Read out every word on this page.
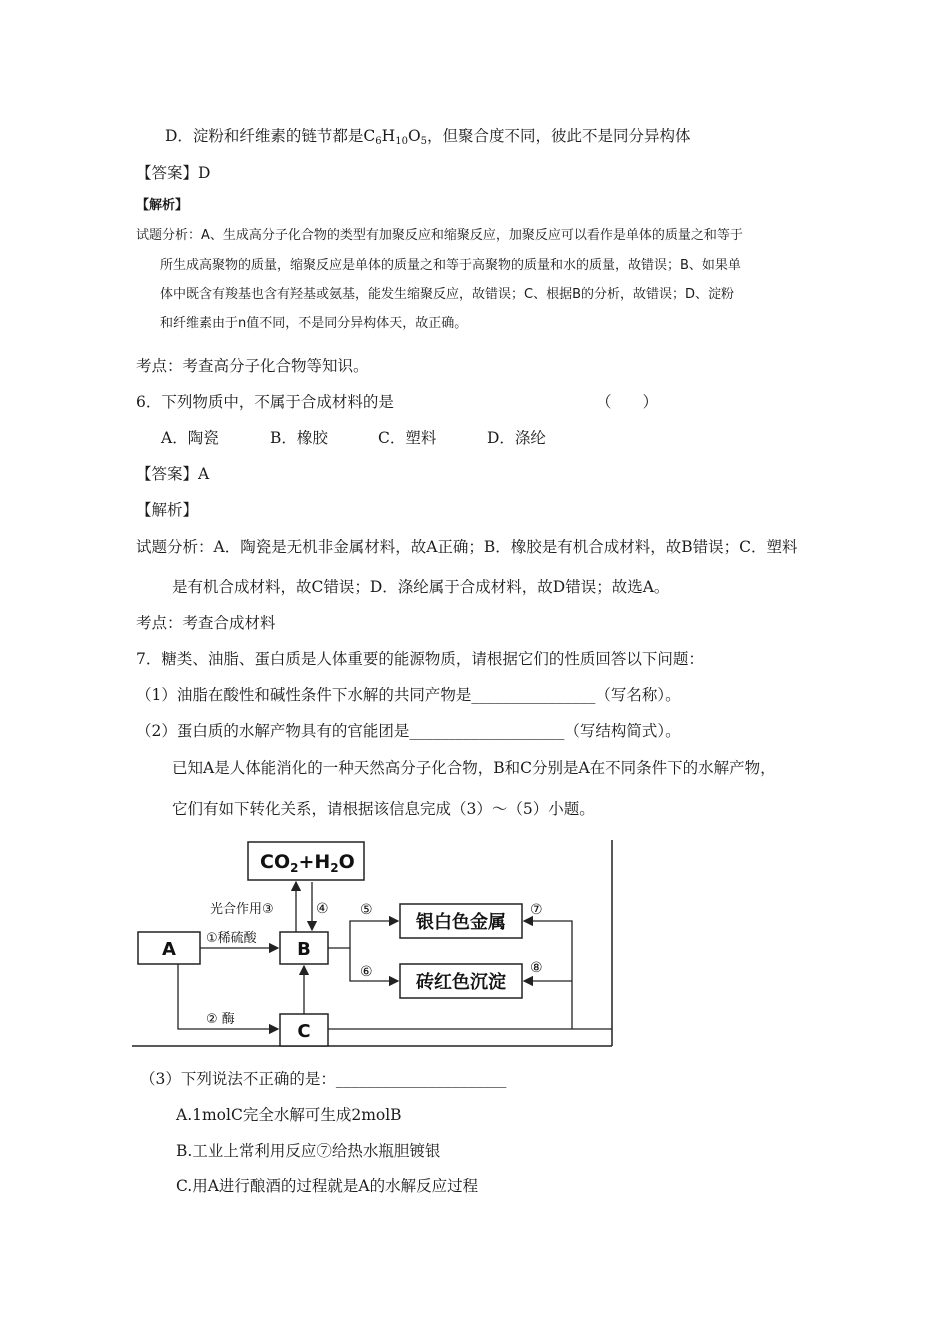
D．淀粉和纤维素的链节都是$C_6H_{10}O_5$，但聚合度不同，彼此不是同分异构体
【答案】D
【解析】
试题分析：A、生成高分子化合物的类型有加聚反应和缩聚反应，加聚反应可以看作是单体的质量之和等于
所生成高聚物的质量，缩聚反应是单体的质量之和等于高聚物的质量和水的质量，故错误；B、如果单
体中既含有羧基也含有羟基或氨基，能发生缩聚反应，故错误；C、根据B的分析，故错误；D、淀粉
和纤维素由于n值不同，不是同分异构体天，故正确。
考点：考查高分子化合物等知识。
6．下列物质中，不属于合成材料的是	（　　）
A．陶瓷	B．橡胶	C．塑料	D．涤纶
【答案】A
【解析】
试题分析：A．陶瓷是无机非金属材料，故A正确；B．橡胶是有机合成材料，故B错误；C．塑料
是有机合成材料，故C错误；D．涤纶属于合成材料，故D错误；故选A。
考点：考查合成材料
7．糖类、油脂、蛋白质是人体重要的能源物质，请根据它们的性质回答以下问题：
（1）油脂在酸性和碱性条件下水解的共同产物是________________（写名称）。
（2）蛋白质的水解产物具有的官能团是____________________（写结构简式）。
已知A是人体能消化的一种天然高分子化合物，B和C分别是A在不同条件下的水解产物，
它们有如下转化关系，请根据该信息完成（3）～（5）小题。
$CO_2+H_2O$
A	B
C
银白色金属
砖红色沉淀
①稀硫酸
② 酶
光合作用③	④ ⑤
⑥
⑦
⑧
（3）下列说法不正确的是：______________________
A.1molC完全水解可生成2molB
B.工业上常利用反应⑦给热水瓶胆镀银
C.用A进行酿酒的过程就是A的水解反应过程
